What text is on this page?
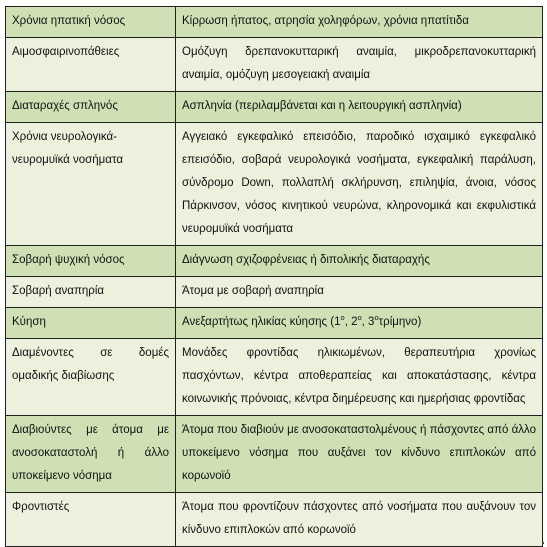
Χρόνια ηπατική νόσος	Κίρρωση ήπατος, ατρησία χοληφόρων, χρόνια ηπατίτιδα
Αιμοσφαιρινοπάθειες	Ομόζυγη δρεπανοκυτταρική αναιμία, μικροδρεπανοκυτταρική αναιμία, ομόζυγη μεσογειακή αναιμία
Διαταραχές σπληνός	Ασπληνία (περιλαμβάνεται και η λειτουργική ασπληνία)
Χρόνια νευρολογικά-νευρομυϊκά νοσήματα	Αγγειακό εγκεφαλικό επεισόδιο, παροδικό ισχαιμικό εγκεφαλικό επεισόδιο, σοβαρά νευρολογικά νοσήματα, εγκεφαλική παράλυση, σύνδρομο Down, πολλαπλή σκλήρυνση, επιληψία, άνοια, νόσος Πάρκινσον, νόσος κινητικού νευρώνα, κληρονομικά και εκφυλιστικά νευρομυϊκά νοσήματα
Σοβαρή ψυχική νόσος	Διάγνωση σχιζοφρένειας ή διπολικής διαταραχής
Σοβαρή αναπηρία	Άτομα με σοβαρή αναπηρία
Κύηση	Ανεξαρτήτως ηλικίας κύησης ($1^o$, $2^o$, $3^o\tau\rho ί\mu\eta\nu o$)
Διαμένοντες σε δομές ομαδικής διαβίωσης	Μονάδες φροντίδας ηλικιωμένων, θεραπευτήρια χρονίως πασχόντων, κέντρα αποθεραπείας και αποκατάστασης, κέντρα κοινωνικής πρόνοιας, κέντρα διημέρευσης και ημερήσιας φροντίδας
Διαβιούντες με άτομα με ανοσοκαταστολή ή άλλο υποκείμενο νόσημα	Άτομα που διαβιούν με ανοσοκαταστολμένους ή πάσχοντες από άλλο υποκείμενο νόσημα που αυξάνει τον κίνδυνο επιπλοκών από κορωνοϊό
Φροντιστές	Άτομα που φροντίζουν πάσχοντες από νοσήματα που αυξάνουν τον κίνδυνο επιπλοκών από κορωνοϊό
